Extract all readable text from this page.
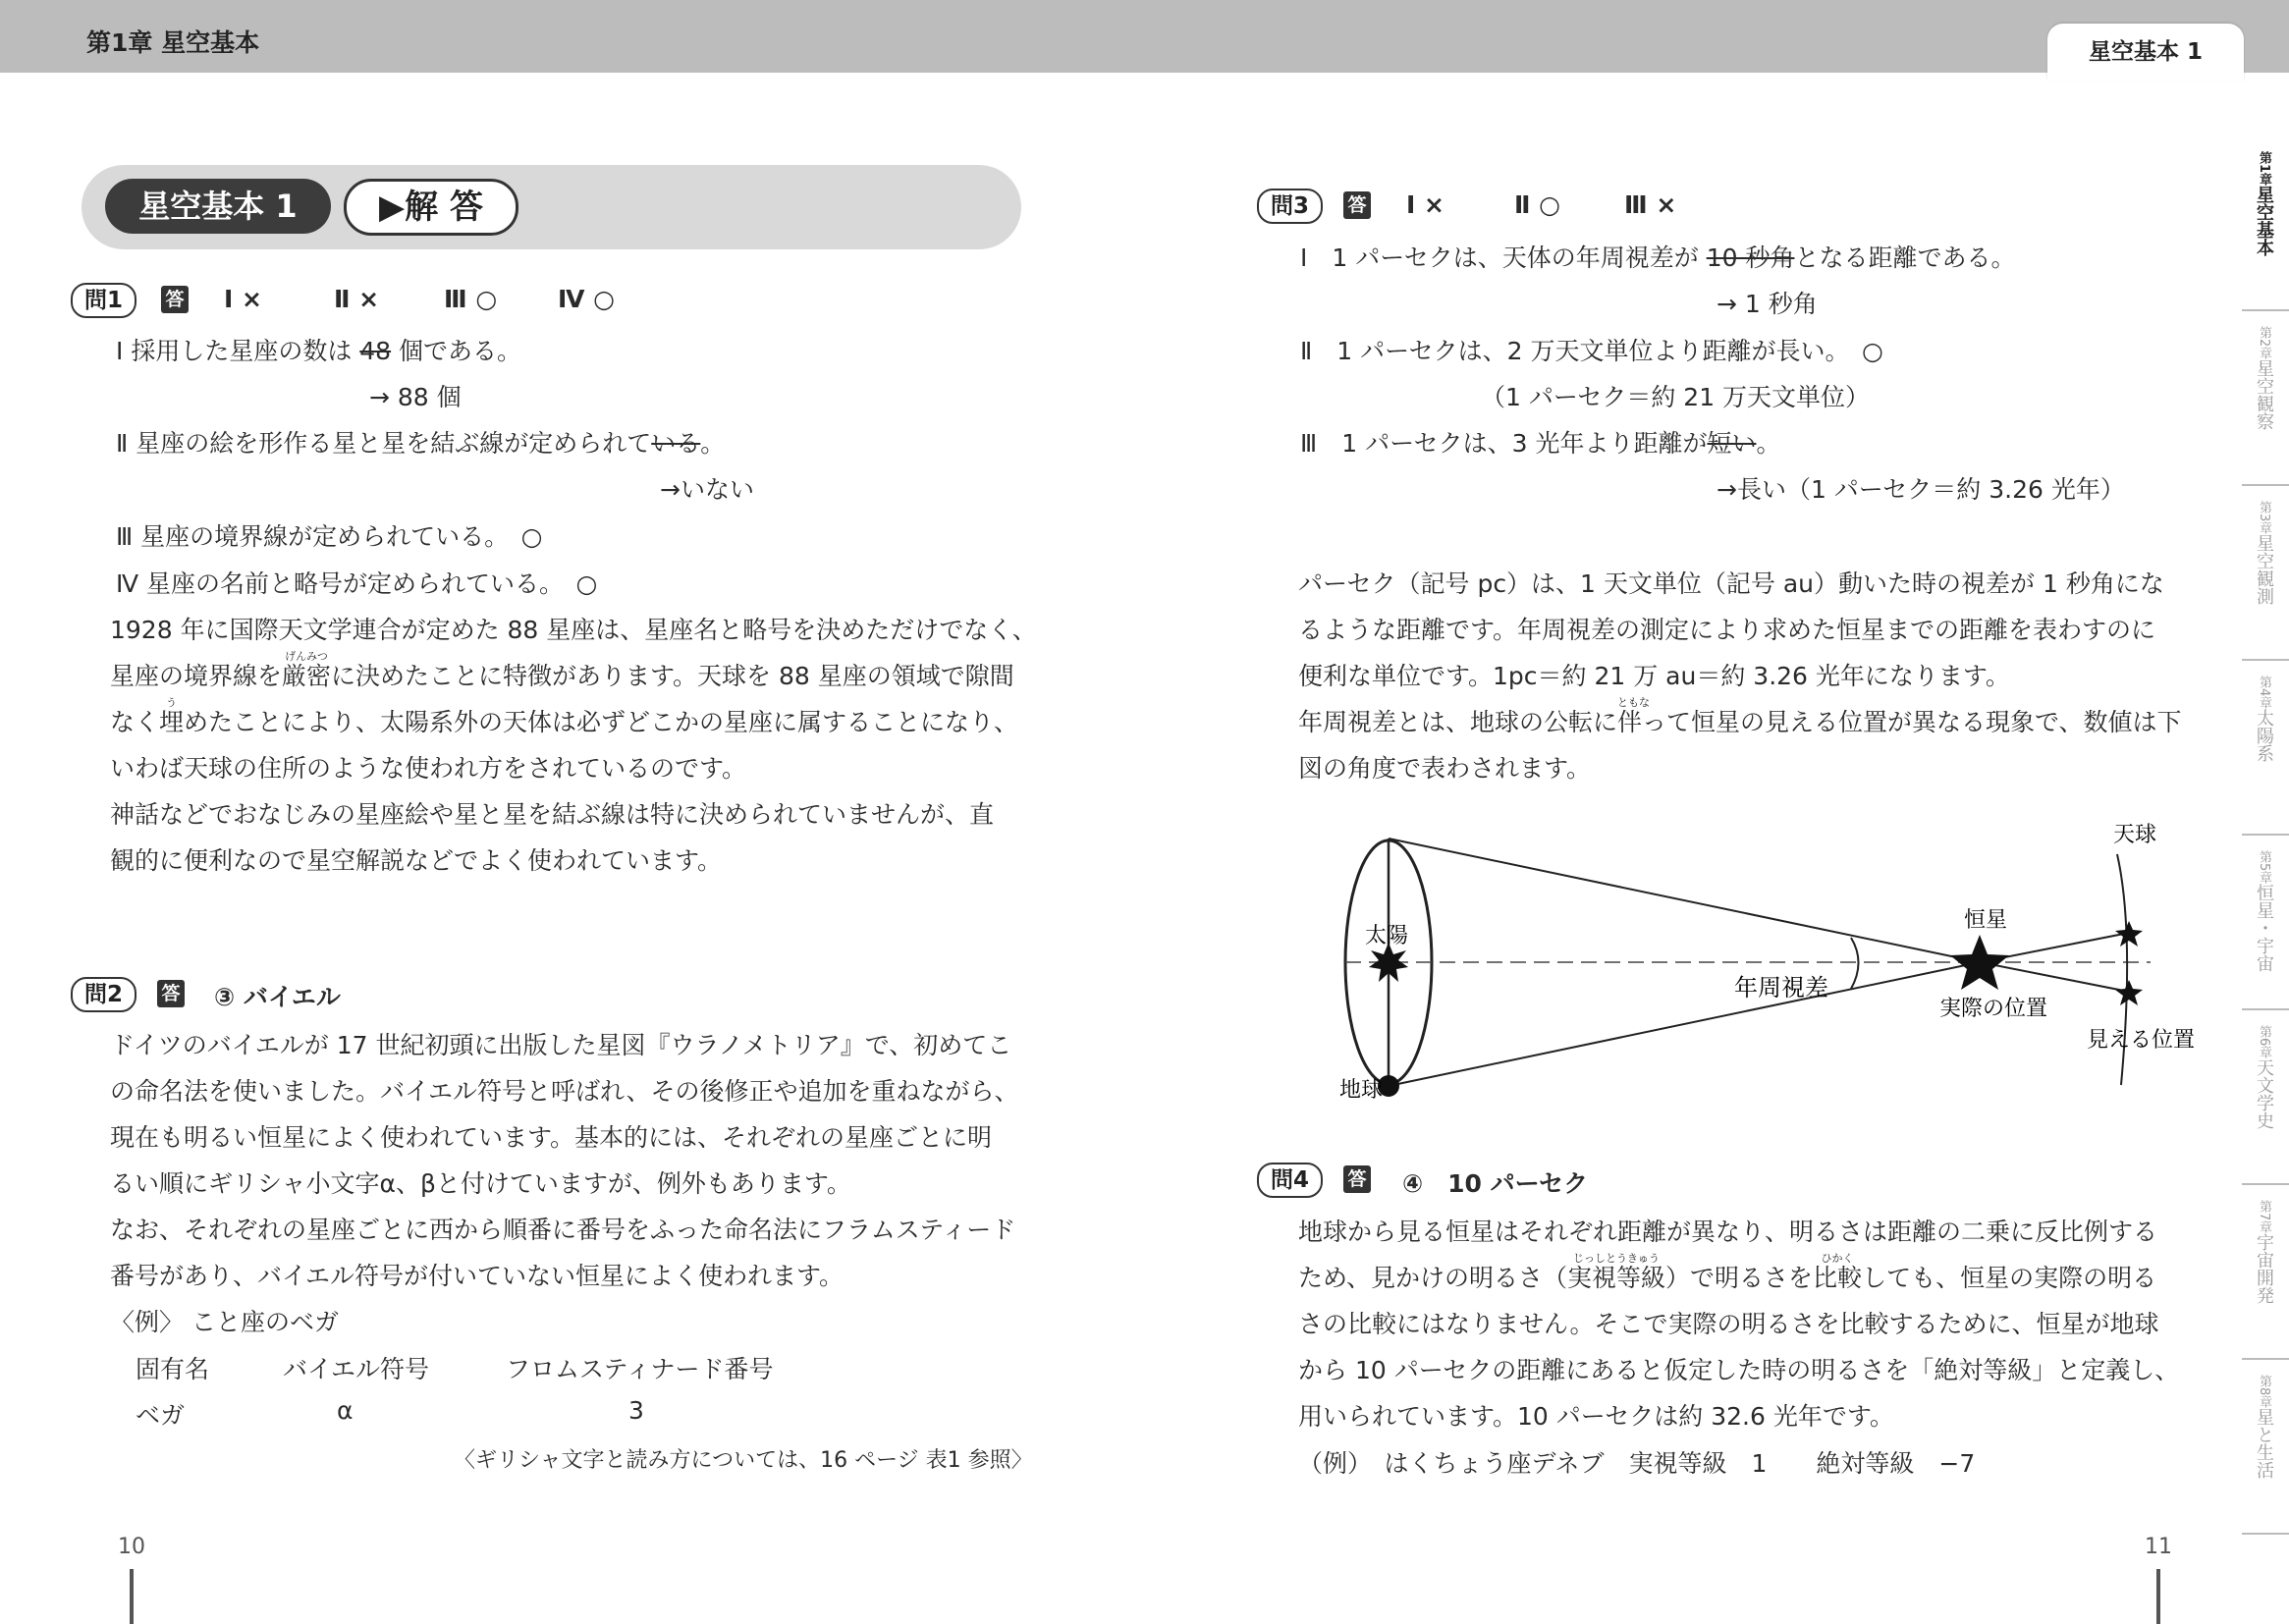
第1章 星空基本	星空基本 1
星空基本 1	▶解 答
問1	答 Ⅰ ×	Ⅱ ×	Ⅲ ○ Ⅳ ○
Ⅰ 採用した星座の数は 48 個である。
→ 88 個
Ⅱ 星座の絵を形作る星と星を結ぶ線が定められている。
→いない
Ⅲ 星座の境界線が定められている。　○
Ⅳ 星座の名前と略号が定められている。　○
1928 年に国際天文学連合が定めた 88 星座は、星座名と略号を決めただけでなく、
星座の境界線を
げんみつ
厳密に決めたことに特徴があります。天球を 88 星座の領域で隙間
なく
う
埋めたことにより、太陽系外の天体は必ずどこかの星座に属することになり、
いわば天球の住所のような使われ方をされているのです。
神話などでおなじみの星座絵や星と星を結ぶ線は特に決められていませんが、直
観的に便利なので星空解説などでよく使われています。
問2	答 ③ バイエル
ドイツのバイエルが 17 世紀初頭に出版した星図『ウラノメトリア』で、初めてこ
の命名法を使いました。バイエル符号と呼ばれ、その後修正や追加を重ねながら、
現在も明るい恒星によく使われています。基本的には、それぞれの星座ごとに明
るい順にギリシャ小文字α、βと付けていますが、例外もあります。
なお、それぞれの星座ごとに西から順番に番号をふった命名法にフラムスティード
番号があり、バイエル符号が付いていない恒星によく使われます。
〈例〉 こと座のベガ
固有名	バイエル符号	フロムスティナード番号
ベガ	α	3
〈ギリシャ文字と読み方については、16 ページ 表1 参照〉
10
問3	答 Ⅰ ×	Ⅱ ○	Ⅲ ×
Ⅰ　1 パーセクは、天体の年周視差が 10 秒角となる距離である。
→ 1 秒角
Ⅱ　1 パーセクは、2 万天文単位より距離が長い。　○
（1 パーセク＝約 21 万天文単位）
Ⅲ　1 パーセクは、3 光年より距離が短い。
→長い（1 パーセク＝約 3.26 光年）
パーセク（記号 pc）は、1 天文単位（記号 au）動いた時の視差が 1 秒角にな
るような距離です。年周視差の測定により求めた恒星までの距離を表わすのに
便利な単位です。1pc＝約 21 万 au＝約 3.26 光年になります。
年周視差とは、地球の公転に
ともな
伴って恒星の見える位置が異なる現象で、数値は下
図の角度で表わされます。
太陽
地球
年周視差
恒星
実際の位置
天球
見える位置
問4	答 ④　10 パーセク
地球から見る恒星はそれぞれ距離が異なり、明るさは距離の二乗に反比例する
ため、見かけの明るさ（
じっしとうきゅう
実視等級）で明るさを
ひかく
比較しても、恒星の実際の明る
さの比較にはなりません。そこで実際の明るさを比較するために、恒星が地球
から 10 パーセクの距離にあると仮定した時の明るさを「絶対等級」と定義し、
用いられています。10 パーセクは約 32.6 光年です。
（例）　はくちょう座デネブ　実視等級　1　　絶対等級　−7
11
第1章星空基本
第2章星空観察
第3章星空観測
第4章太陽系
第5章恒星・宇宙
第6章天文学史
第7章宇宙開発
第8章星と生活
